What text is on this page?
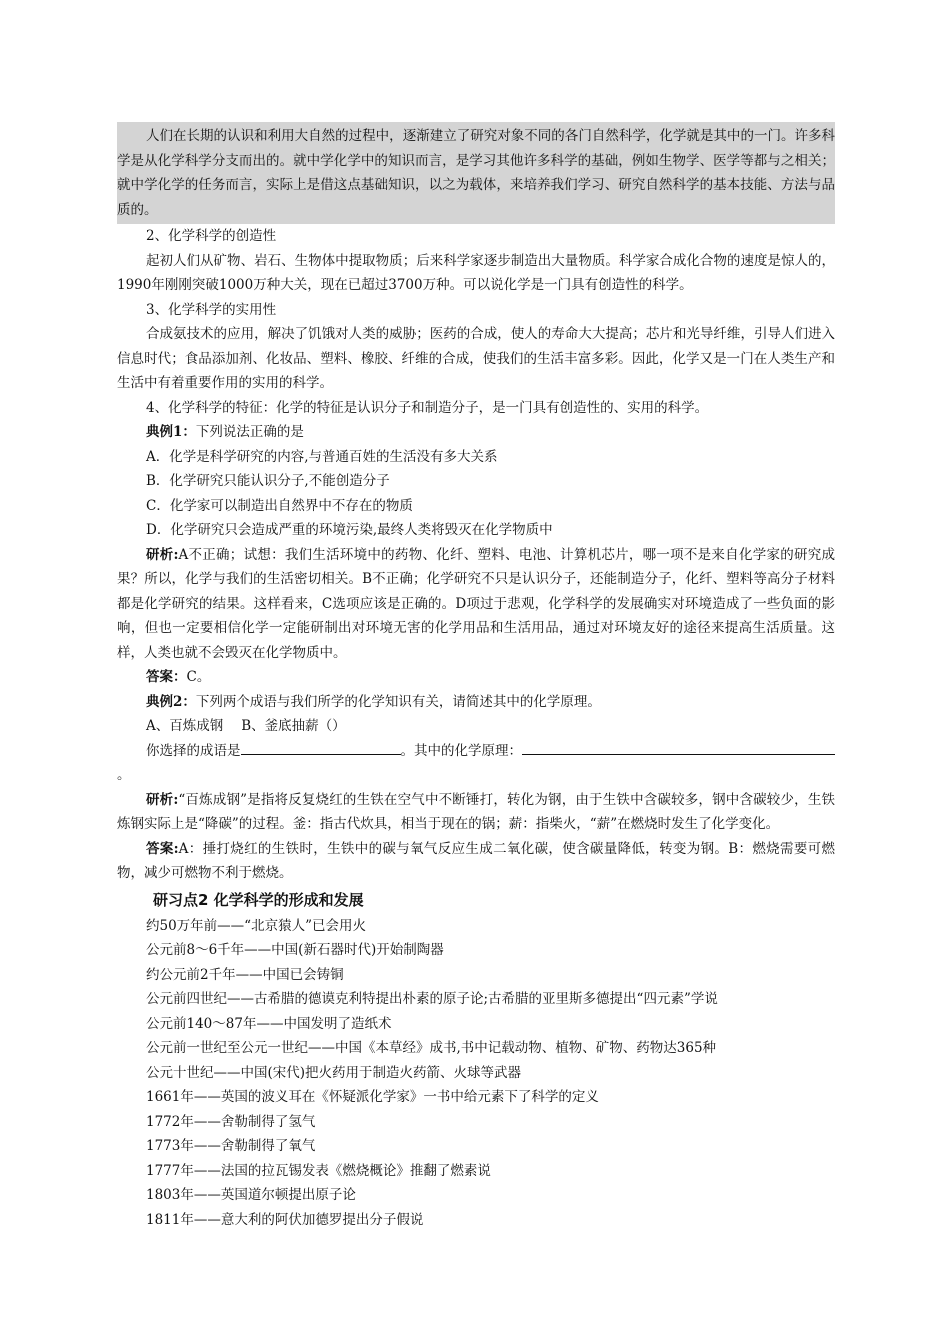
人们在长期的认识和利用大自然的过程中，逐渐建立了研究对象不同的各门自然科学，化学就是其中的一门。许多科学是从化学科学分支而出的。就中学化学中的知识而言，是学习其他许多科学的基础，例如生物学、医学等都与之相关；就中学化学的任务而言，实际上是借这点基础知识，以之为载体，来培养我们学习、研究自然科学的基本技能、方法与品质的。

2、化学科学的创造性

起初人们从矿物、岩石、生物体中提取物质；后来科学家逐步制造出大量物质。科学家合成化合物的速度是惊人的，1990年刚刚突破1000万种大关，现在已超过3700万种。可以说化学是一门具有创造性的科学。

3、化学科学的实用性

合成氨技术的应用，解决了饥饿对人类的威胁；医药的合成，使人的寿命大大提高；芯片和光导纤维，引导人们进入信息时代；食品添加剂、化妆品、塑料、橡胶、纤维的合成，使我们的生活丰富多彩。因此，化学又是一门在人类生产和生活中有着重要作用的实用的科学。

4、化学科学的特征：化学的特征是认识分子和制造分子，是一门具有创造性的、实用的科学。

典例1：下列说法正确的是

A．化学是科学研究的内容,与普通百姓的生活没有多大关系

B．化学研究只能认识分子,不能创造分子

C．化学家可以制造出自然界中不存在的物质

D．化学研究只会造成严重的环境污染,最终人类将毁灭在化学物质中

研析:A不正确；试想：我们生活环境中的药物、化纤、塑料、电池、计算机芯片，哪一项不是来自化学家的研究成果？所以，化学与我们的生活密切相关。B不正确；化学研究不只是认识分子，还能制造分子，化纤、塑料等高分子材料都是化学研究的结果。这样看来，C选项应该是正确的。D项过于悲观，化学科学的发展确实对环境造成了一些负面的影响，但也一定要相信化学一定能研制出对环境无害的化学用品和生活用品，通过对环境友好的途径来提高生活质量。这样，人类也就不会毁灭在化学物质中。

答案：C。

典例2：下列两个成语与我们所学的化学知识有关，请简述其中的化学原理。

A、百炼成钢 B、釜底抽薪（）

你选择的成语是	。其中的化学原理：。

研析:“百炼成钢”是指将反复烧红的生铁在空气中不断锤打，转化为钢，由于生铁中含碳较多，钢中含碳较少，生铁炼钢实际上是“降碳”的过程。釜：指古代炊具，相当于现在的锅；薪：指柴火，“薪”在燃烧时发生了化学变化。

答案:A：捶打烧红的生铁时，生铁中的碳与氧气反应生成二氧化碳，使含碳量降低，转变为钢。B：燃烧需要可燃物，减少可燃物不利于燃烧。

研习点2 化学科学的形成和发展

约50万年前——“北京猿人”已会用火

公元前8～6千年——中国(新石器时代)开始制陶器

约公元前2千年——中国已会铸铜

公元前四世纪——古希腊的德谟克利特提出朴素的原子论;古希腊的亚里斯多德提出“四元素”学说

公元前140～87年——中国发明了造纸术

公元前一世纪至公元一世纪——中国《本草经》成书,书中记载动物、植物、矿物、药物达365种

公元十世纪——中国(宋代)把火药用于制造火药箭、火球等武器

1661年——英国的波义耳在《怀疑派化学家》一书中给元素下了科学的定义

1772年——舍勒制得了氢气

1773年——舍勒制得了氧气

1777年——法国的拉瓦锡发表《燃烧概论》推翻了燃素说

1803年——英国道尔顿提出原子论

1811年——意大利的阿伏加德罗提出分子假说
